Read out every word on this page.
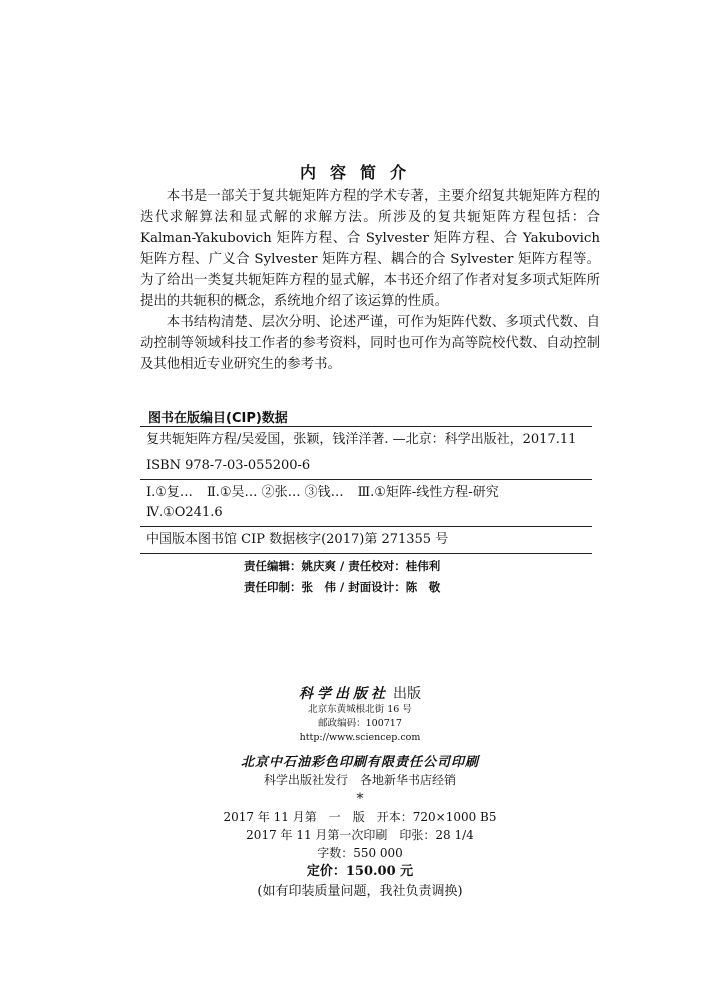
内容简介

本书是一部关于复共轭矩阵方程的学术专著，主要介绍复共轭矩阵方程的迭代求解算法和显式解的求解方法。所涉及的复共轭矩阵方程包括：合 Kalman-Yakubovich 矩阵方程、合 Sylvester 矩阵方程、合 Yakubovich 矩阵方程、广义合 Sylvester 矩阵方程、耦合的合 Sylvester 矩阵方程等。为了给出一类复共轭矩阵方程的显式解，本书还介绍了作者对复多项式矩阵所提出的共轭积的概念，系统地介绍了该运算的性质。

本书结构清楚、层次分明、论述严谨，可作为矩阵代数、多项式代数、自动控制等领域科技工作者的参考资料，同时也可作为高等院校代数、自动控制及其他相近专业研究生的参考书。

图书在版编目(CIP)数据
复共轭矩阵方程/吴爱国，张颖，钱洋洋著. —北京：科学出版社，2017.11
ISBN 978-7-03-055200-6
Ⅰ.①复… Ⅱ.①吴… ②张… ③钱… Ⅲ.①矩阵-线性方程-研究
Ⅳ.①O241.6
中国版本图书馆 CIP 数据核字(2017)第 271355 号
责任编辑：姚庆爽 / 责任校对：桂伟利
责任印制：张　伟 / 封面设计：陈　敬
科学出版社 出版
北京东黄城根北街 16 号
邮政编码：100717
http://www.sciencep.com
北京中石油彩色印刷有限责任公司印刷
科学出版社发行　各地新华书店经销
*
2017 年 11 月第　一　版　开本：720×1000 B5
2017 年 11 月第一次印刷　印张：28 1/4
字数：550 000
定价：150.00 元
(如有印装质量问题，我社负责调换)
